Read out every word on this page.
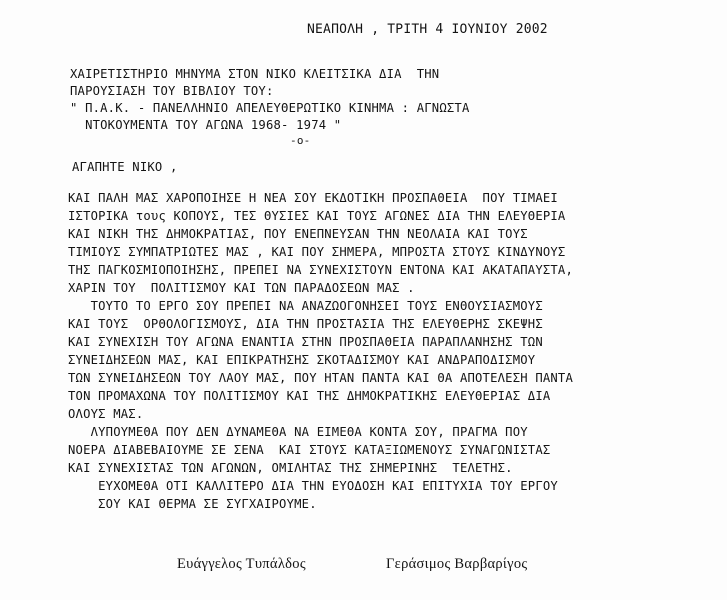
ΝΕΑΠΟΛΗ , ΤΡΙΤΗ 4 ΙΟΥΝΙΟΥ 2002
ΧΑΙΡΕΤΙΣΤΗΡΙΟ ΜΗΝΥΜΑ ΣΤΟΝ ΝΙΚΟ ΚΛΕΙΤΣΙΚΑ ΔΙΑ  ΤΗΝ
ΠΑΡΟΥΣΙΑΣΗ ΤΟΥ ΒΙΒΛΙΟΥ ΤΟΥ:
" Π.Α.Κ. - ΠΑΝΕΛΛΗΝΙΟ ΑΠΕΛΕΥΘΕΡΩΤΙΚΟ ΚΙΝΗΜΑ : ΑΓΝΩΣΤΑ
ΝΤΟΚΟΥΜΕΝΤΑ ΤΟΥ ΑΓΩΝΑ 1968- 1974 "
-ο-
ΑΓΑΠΗΤΕ ΝΙΚΟ ,
ΚΑΙ ΠΑΛΗ ΜΑΣ ΧΑΡΟΠΟΙΗΣΕ Η ΝΕΑ ΣΟΥ ΕΚΔΟΤΙΚΗ ΠΡΟΣΠΑΘΕΙΑ  ΠΟΥ ΤΙΜΑΕΙ
ΙΣΤΟΡΙΚΑ τους ΚΟΠΟΥΣ, ΤΕΣ ΘΥΣΙΕΣ ΚΑΙ ΤΟΥΣ ΑΓΩΝΕΣ ΔΙΑ ΤΗΝ ΕΛΕΥΘΕΡΙΑ
ΚΑΙ ΝΙΚΗ ΤΗΣ ΔΗΜΟΚΡΑΤΙΑΣ, ΠΟΥ ΕΝΕΠΝΕΥΣΑΝ ΤΗΝ ΝΕΟΛΑΙΑ ΚΑΙ ΤΟΥΣ
ΤΙΜΙΟΥΣ ΣΥΜΠΑΤΡΙΩΤΕΣ ΜΑΣ , ΚΑΙ ΠΟΥ ΣΗΜΕΡΑ, ΜΠΡΟΣΤΑ ΣΤΟΥΣ ΚΙΝΔΥΝΟΥΣ
ΤΗΣ ΠΑΓΚΟΣΜΙΟΠΟΙΗΣΗΣ, ΠΡΕΠΕΙ ΝΑ ΣΥΝΕΧΙΣΤΟΥΝ ΕΝΤΟΝΑ ΚΑΙ ΑΚΑΤΑΠΑΥΣΤΑ,
ΧΑΡΙΝ ΤΟΥ  ΠΟΛΙΤΙΣΜΟΥ ΚΑΙ ΤΩΝ ΠΑΡΑΔΟΣΕΩΝ ΜΑΣ .
ΤΟΥΤΟ ΤΟ ΕΡΓΟ ΣΟΥ ΠΡΕΠΕΙ ΝΑ ΑΝΑΖΩΟΓΟΝΗΣΕΙ ΤΟΥΣ ΕΝΘΟΥΣΙΑΣΜΟΥΣ
ΚΑΙ ΤΟΥΣ  ΟΡΘΟΛΟΓΙΣΜΟΥΣ, ΔΙΑ ΤΗΝ ΠΡΟΣΤΑΣΙΑ ΤΗΣ ΕΛΕΥΘΕΡΗΣ ΣΚΕΨΗΣ
ΚΑΙ ΣΥΝΕΧΙΣΗ ΤΟΥ ΑΓΩΝΑ ΕΝΑΝΤΙΑ ΣΤΗΝ ΠΡΟΣΠΑΘΕΙΑ ΠΑΡΑΠΛΑΝΗΣΗΣ ΤΩΝ
ΣΥΝΕΙΔΗΣΕΩΝ ΜΑΣ, ΚΑΙ ΕΠΙΚΡΑΤΗΣΗΣ ΣΚΟΤΑΔΙΣΜΟΥ ΚΑΙ ΑΝΔΡΑΠΟΔΙΣΜΟΥ
ΤΩΝ ΣΥΝΕΙΔΗΣΕΩΝ ΤΟΥ ΛΑΟΥ ΜΑΣ, ΠΟΥ ΗΤΑΝ ΠΑΝΤΑ ΚΑΙ ΘΑ ΑΠΟΤΕΛΕΣΗ ΠΑΝΤΑ
ΤΟΝ ΠΡΟΜΑΧΩΝΑ ΤΟΥ ΠΟΛΙΤΙΣΜΟΥ ΚΑΙ ΤΗΣ ΔΗΜΟΚΡΑΤΙΚΗΣ ΕΛΕΥΘΕΡΙΑΣ ΔΙΑ
ΟΛΟΥΣ ΜΑΣ.
ΛΥΠΟΥΜΕΘΑ ΠΟΥ ΔΕΝ ΔΥΝΑΜΕΘΑ ΝΑ ΕΙΜΕΘΑ ΚΟΝΤΑ ΣΟΥ, ΠΡΑΓΜΑ ΠΟΥ
ΝΟΕΡΑ ΔΙΑΒΕΒΑΙΟΥΜΕ ΣΕ ΣΕΝΑ  ΚΑΙ ΣΤΟΥΣ ΚΑΤΑΞΙΩΜΕΝΟΥΣ ΣΥΝΑΓΩΝΙΣΤΑΣ
ΚΑΙ ΣΥΝΕΧΙΣΤΑΣ ΤΩΝ ΑΓΩΝΩΝ, ΟΜΙΛΗΤΑΣ ΤΗΣ ΣΗΜΕΡΙΝΗΣ  ΤΕΛΕΤΗΣ.
ΕΥΧΟΜΕΘΑ ΟΤΙ ΚΑΛΛΙΤΕΡΟ ΔΙΑ ΤΗΝ ΕΥΟΔΟΣΗ ΚΑΙ ΕΠΙΤΥΧΙΑ ΤΟΥ ΕΡΓΟΥ
ΣΟΥ ΚΑΙ ΘΕΡΜΑ ΣΕ ΣΥΓΧΑΙΡΟΥΜΕ.
Ευάγγελος Τυπάλδος	Γεράσιμος Βαρβαρίγος
